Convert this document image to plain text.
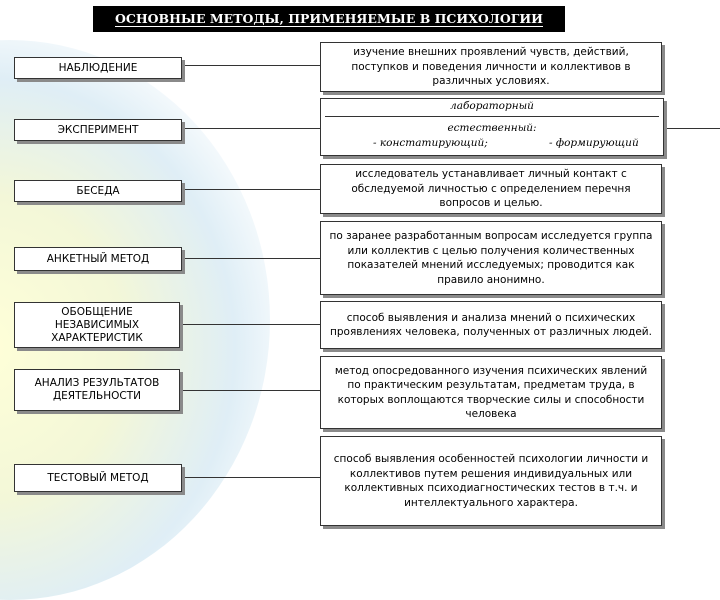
ОСНОВНЫЕ МЕТОДЫ, ПРИМЕНЯЕМЫЕ В ПСИХОЛОГИИ
НАБЛЮДЕНИЕ
ЭКСПЕРИМЕНТ
БЕСЕДА
АНКЕТНЫЙ МЕТОД
ОБОБЩЕНИЕ НЕЗАВИСИМЫХ ХАРАКТЕРИСТИК
АНАЛИЗ РЕЗУЛЬТАТОВ ДЕЯТЕЛЬНОСТИ
ТЕСТОВЫЙ МЕТОД
изучение внешних проявлений чувств, действий, поступков и поведения личности и коллективов в различных условиях.
лабораторный
естественный:
- констатирующий;	- формирующий
исследователь устанавливает личный контакт с обследуемой личностью с определением перечня вопросов и целью.
по заранее разработанным вопросам исследуется группа или коллектив с целью получения количественных показателей мнений исследуемых; проводится как правило анонимно.
способ выявления и анализа мнений о психических проявлениях человека, полученных от различных людей.
метод опосредованного изучения психических явлений по практическим результатам, предметам труда, в которых воплощаются творческие силы и способности человека
способ выявления особенностей психологии личности и коллективов путем решения индивидуальных или коллективных психодиагностических тестов в т.ч. и интеллектуального характера.
